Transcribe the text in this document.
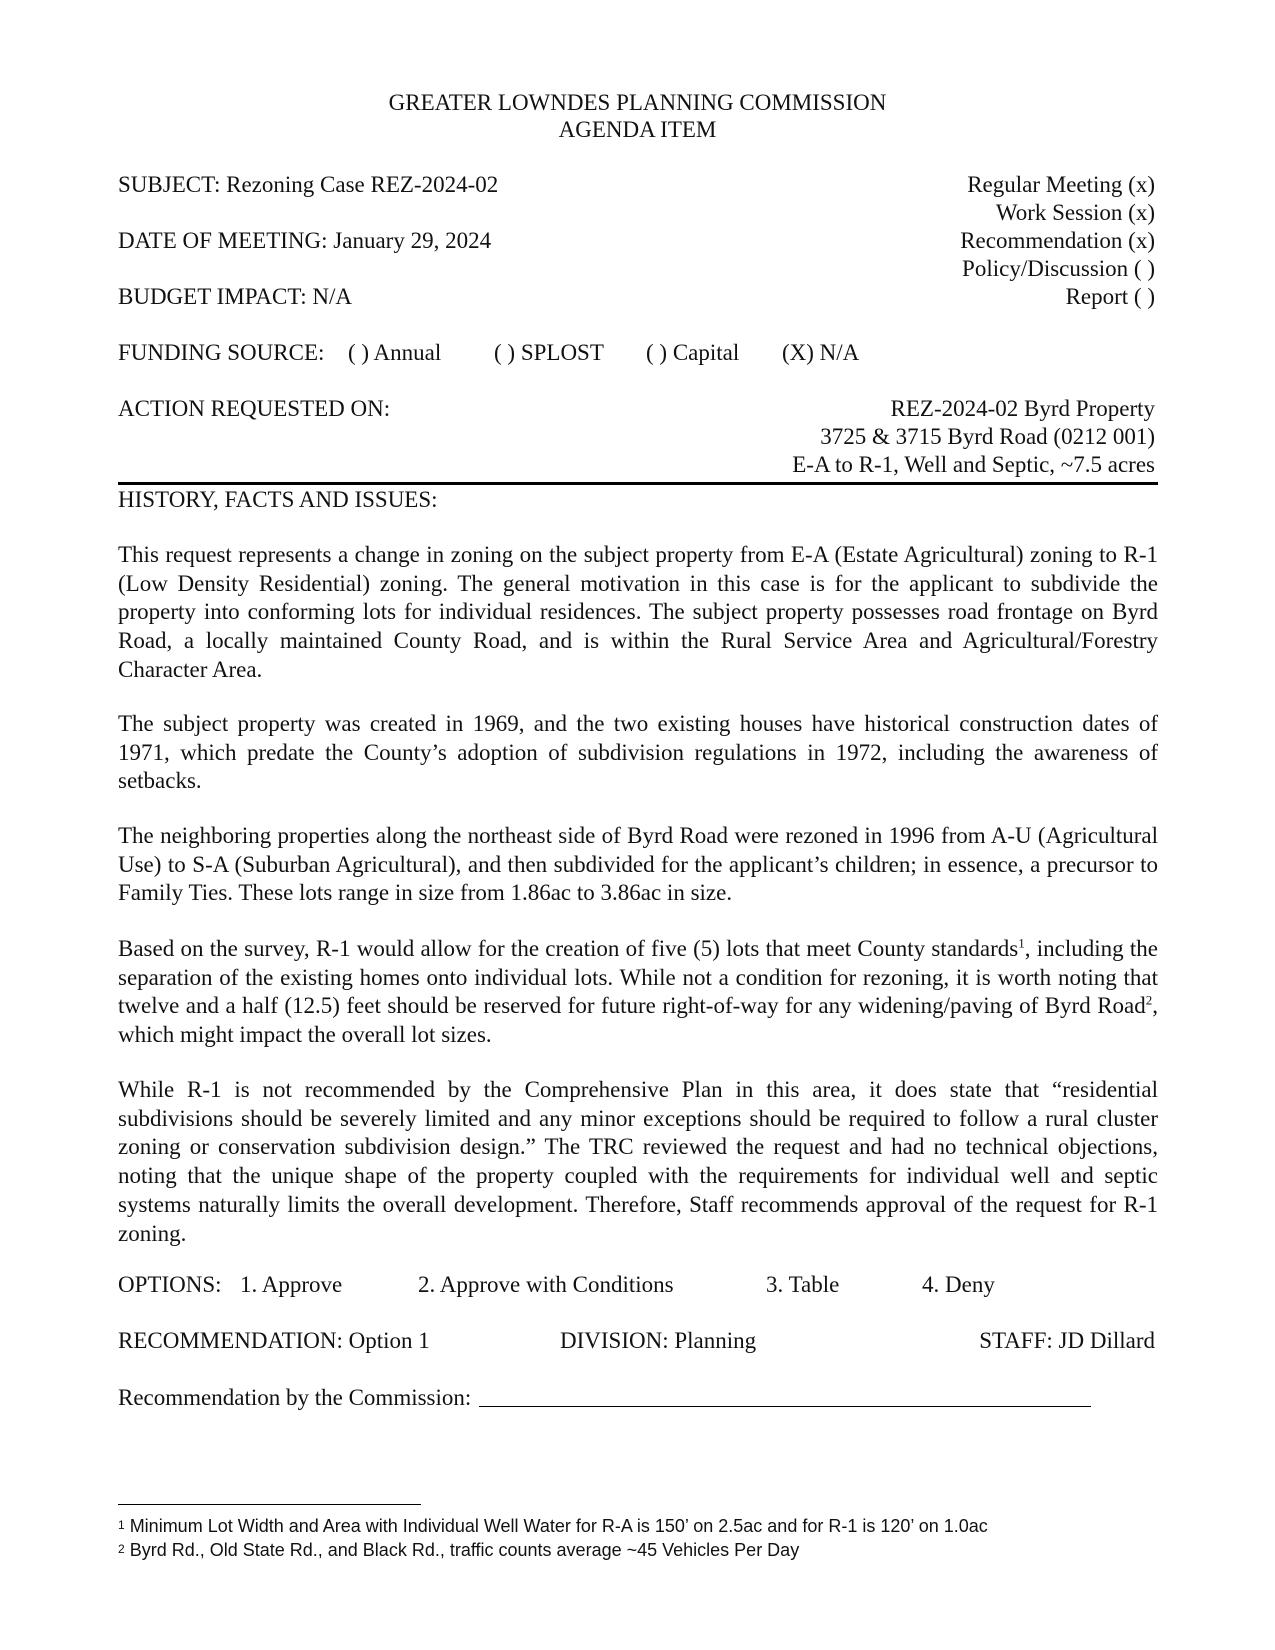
GREATER LOWNDES PLANNING COMMISSION
AGENDA ITEM
SUBJECT: Rezoning Case REZ-2024-02
DATE OF MEETING: January 29, 2024
BUDGET IMPACT: N/A
Regular Meeting (x)
Work Session (x)
Recommendation (x)
Policy/Discussion ( )
Report ( )
FUNDING SOURCE: ( ) Annual ( ) SPLOST ( ) Capital (X) N/A
ACTION REQUESTED ON:	REZ-2024-02 Byrd Property
3725 & 3715 Byrd Road (0212 001)
E-A to R-1, Well and Septic, ~7.5 acres
HISTORY, FACTS AND ISSUES:
This request represents a change in zoning on the subject property from E-A (Estate Agricultural) zoning to R-1 (Low Density Residential) zoning. The general motivation in this case is for the applicant to subdivide the property into conforming lots for individual residences. The subject property possesses road frontage on Byrd Road, a locally maintained County Road, and is within the Rural Service Area and Agricultural/Forestry Character Area.
The subject property was created in 1969, and the two existing houses have historical construction dates of 1971, which predate the County’s adoption of subdivision regulations in 1972, including the awareness of setbacks.
The neighboring properties along the northeast side of Byrd Road were rezoned in 1996 from A-U (Agricultural Use) to S-A (Suburban Agricultural), and then subdivided for the applicant’s children; in essence, a precursor to Family Ties. These lots range in size from 1.86ac to 3.86ac in size.
Based on the survey, R-1 would allow for the creation of five (5) lots that meet County standards$^1$, including the separation of the existing homes onto individual lots. While not a condition for rezoning, it is worth noting that twelve and a half (12.5) feet should be reserved for future right-of-way for any widening/paving of Byrd Road$^2$, which might impact the overall lot sizes.
While R-1 is not recommended by the Comprehensive Plan in this area, it does state that “residential subdivisions should be severely limited and any minor exceptions should be required to follow a rural cluster zoning or conservation subdivision design.” The TRC reviewed the request and had no technical objections, noting that the unique shape of the property coupled with the requirements for individual well and septic systems naturally limits the overall development. Therefore, Staff recommends approval of the request for R-1 zoning.
OPTIONS: 1. Approve	2. Approve with Conditions	3. Table	4. Deny
RECOMMENDATION: Option 1	DIVISION: Planning	STAFF: JD Dillard
Recommendation by the Commission:
$^1$ Minimum Lot Width and Area with Individual Well Water for R-A is 150’ on 2.5ac and for R-1 is 120’ on 1.0ac
$^2$ Byrd Rd., Old State Rd., and Black Rd., traffic counts average ~45 Vehicles Per Day
